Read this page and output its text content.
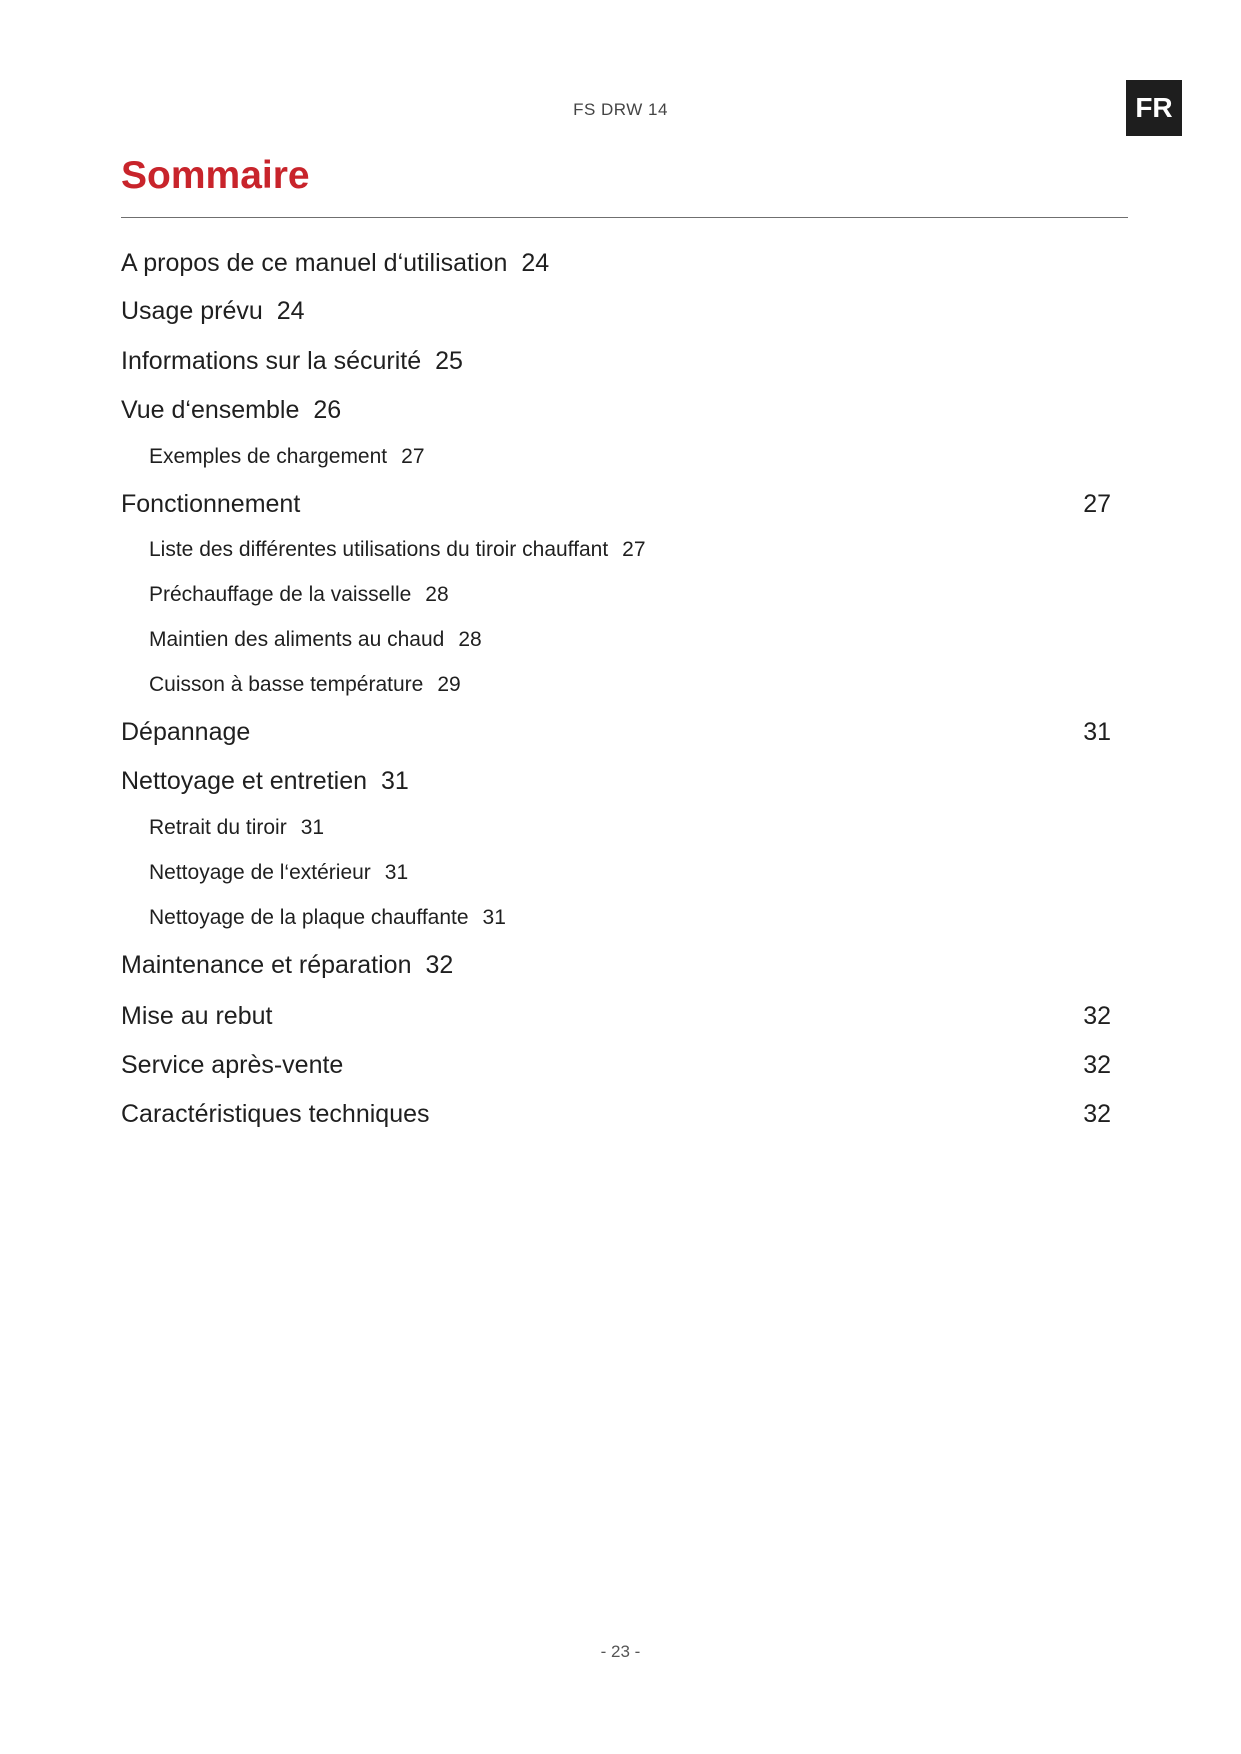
FS DRW 14	FR
Sommaire
A propos de ce manuel d‘utilisation 24
Usage prévu 24
Informations sur la sécurité 25
Vue d‘ensemble 26
Exemples de chargement 27
Fonctionnement	27
Liste des différentes utilisations du tiroir chauffant 27
Préchauffage de la vaisselle 28
Maintien des aliments au chaud 28
Cuisson à basse température 29
Dépannage	31
Nettoyage et entretien 31
Retrait du tiroir 31
Nettoyage de l‘extérieur 31
Nettoyage de la plaque chauffante 31
Maintenance et réparation 32
Mise au rebut	32
Service après-vente	32
Caractéristiques techniques	32
- 23 -
